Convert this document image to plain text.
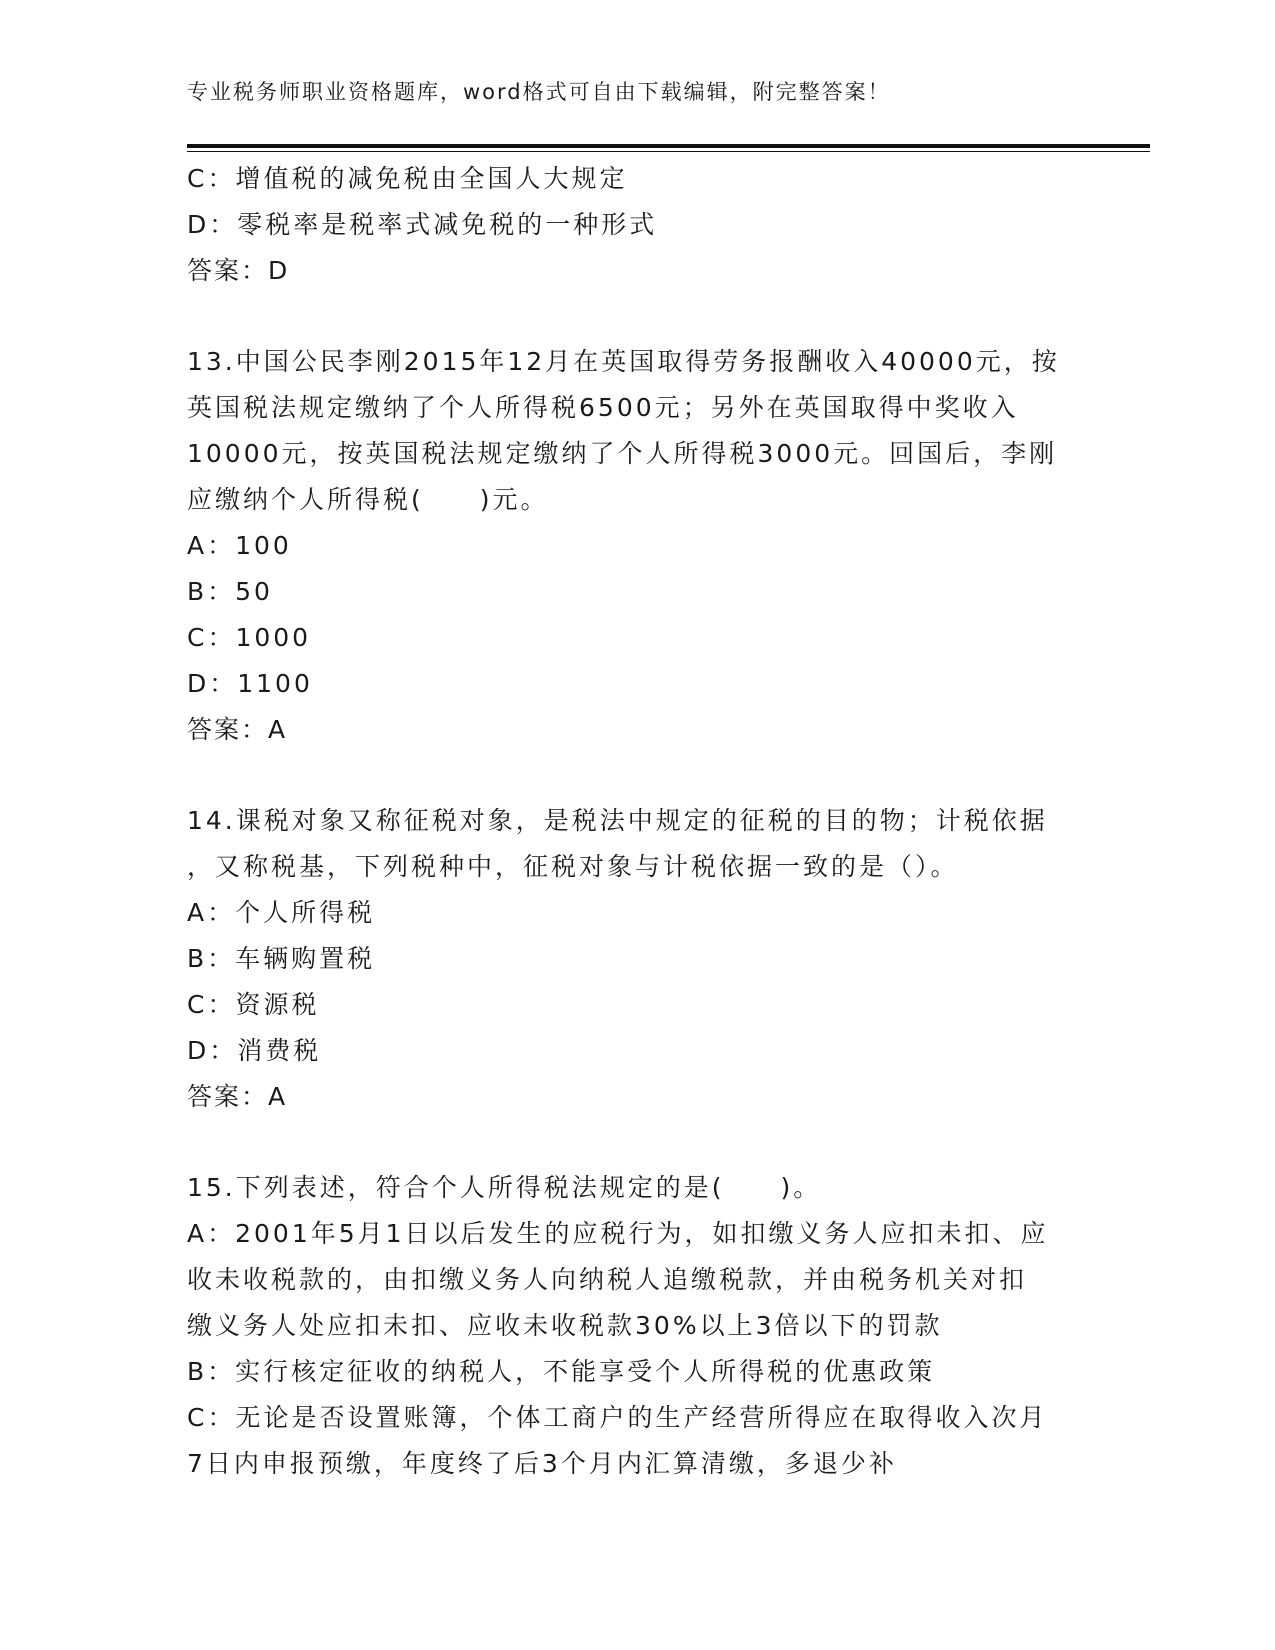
专业税务师职业资格题库，word格式可自由下载编辑，附完整答案！
C：增值税的减免税由全国人大规定
D：零税率是税率式减免税的一种形式
答案：D
13.中国公民李刚2015年12月在英国取得劳务报酬收入40000元，按
英国税法规定缴纳了个人所得税6500元；另外在英国取得中奖收入
10000元，按英国税法规定缴纳了个人所得税3000元。回国后，李刚
应缴纳个人所得税(　　)元。
A：100
B：50
C：1000
D：1100
答案：A
14.课税对象又称征税对象，是税法中规定的征税的目的物；计税依据
，又称税基，下列税种中，征税对象与计税依据一致的是（）。
A：个人所得税
B：车辆购置税
C：资源税
D：消费税
答案：A
15.下列表述，符合个人所得税法规定的是(　　)。
A：2001年5月1日以后发生的应税行为，如扣缴义务人应扣未扣、应
收未收税款的，由扣缴义务人向纳税人追缴税款，并由税务机关对扣
缴义务人处应扣未扣、应收未收税款30%以上3倍以下的罚款
B：实行核定征收的纳税人，不能享受个人所得税的优惠政策
C：无论是否设置账簿，个体工商户的生产经营所得应在取得收入次月
7日内申报预缴，年度终了后3个月内汇算清缴，多退少补
